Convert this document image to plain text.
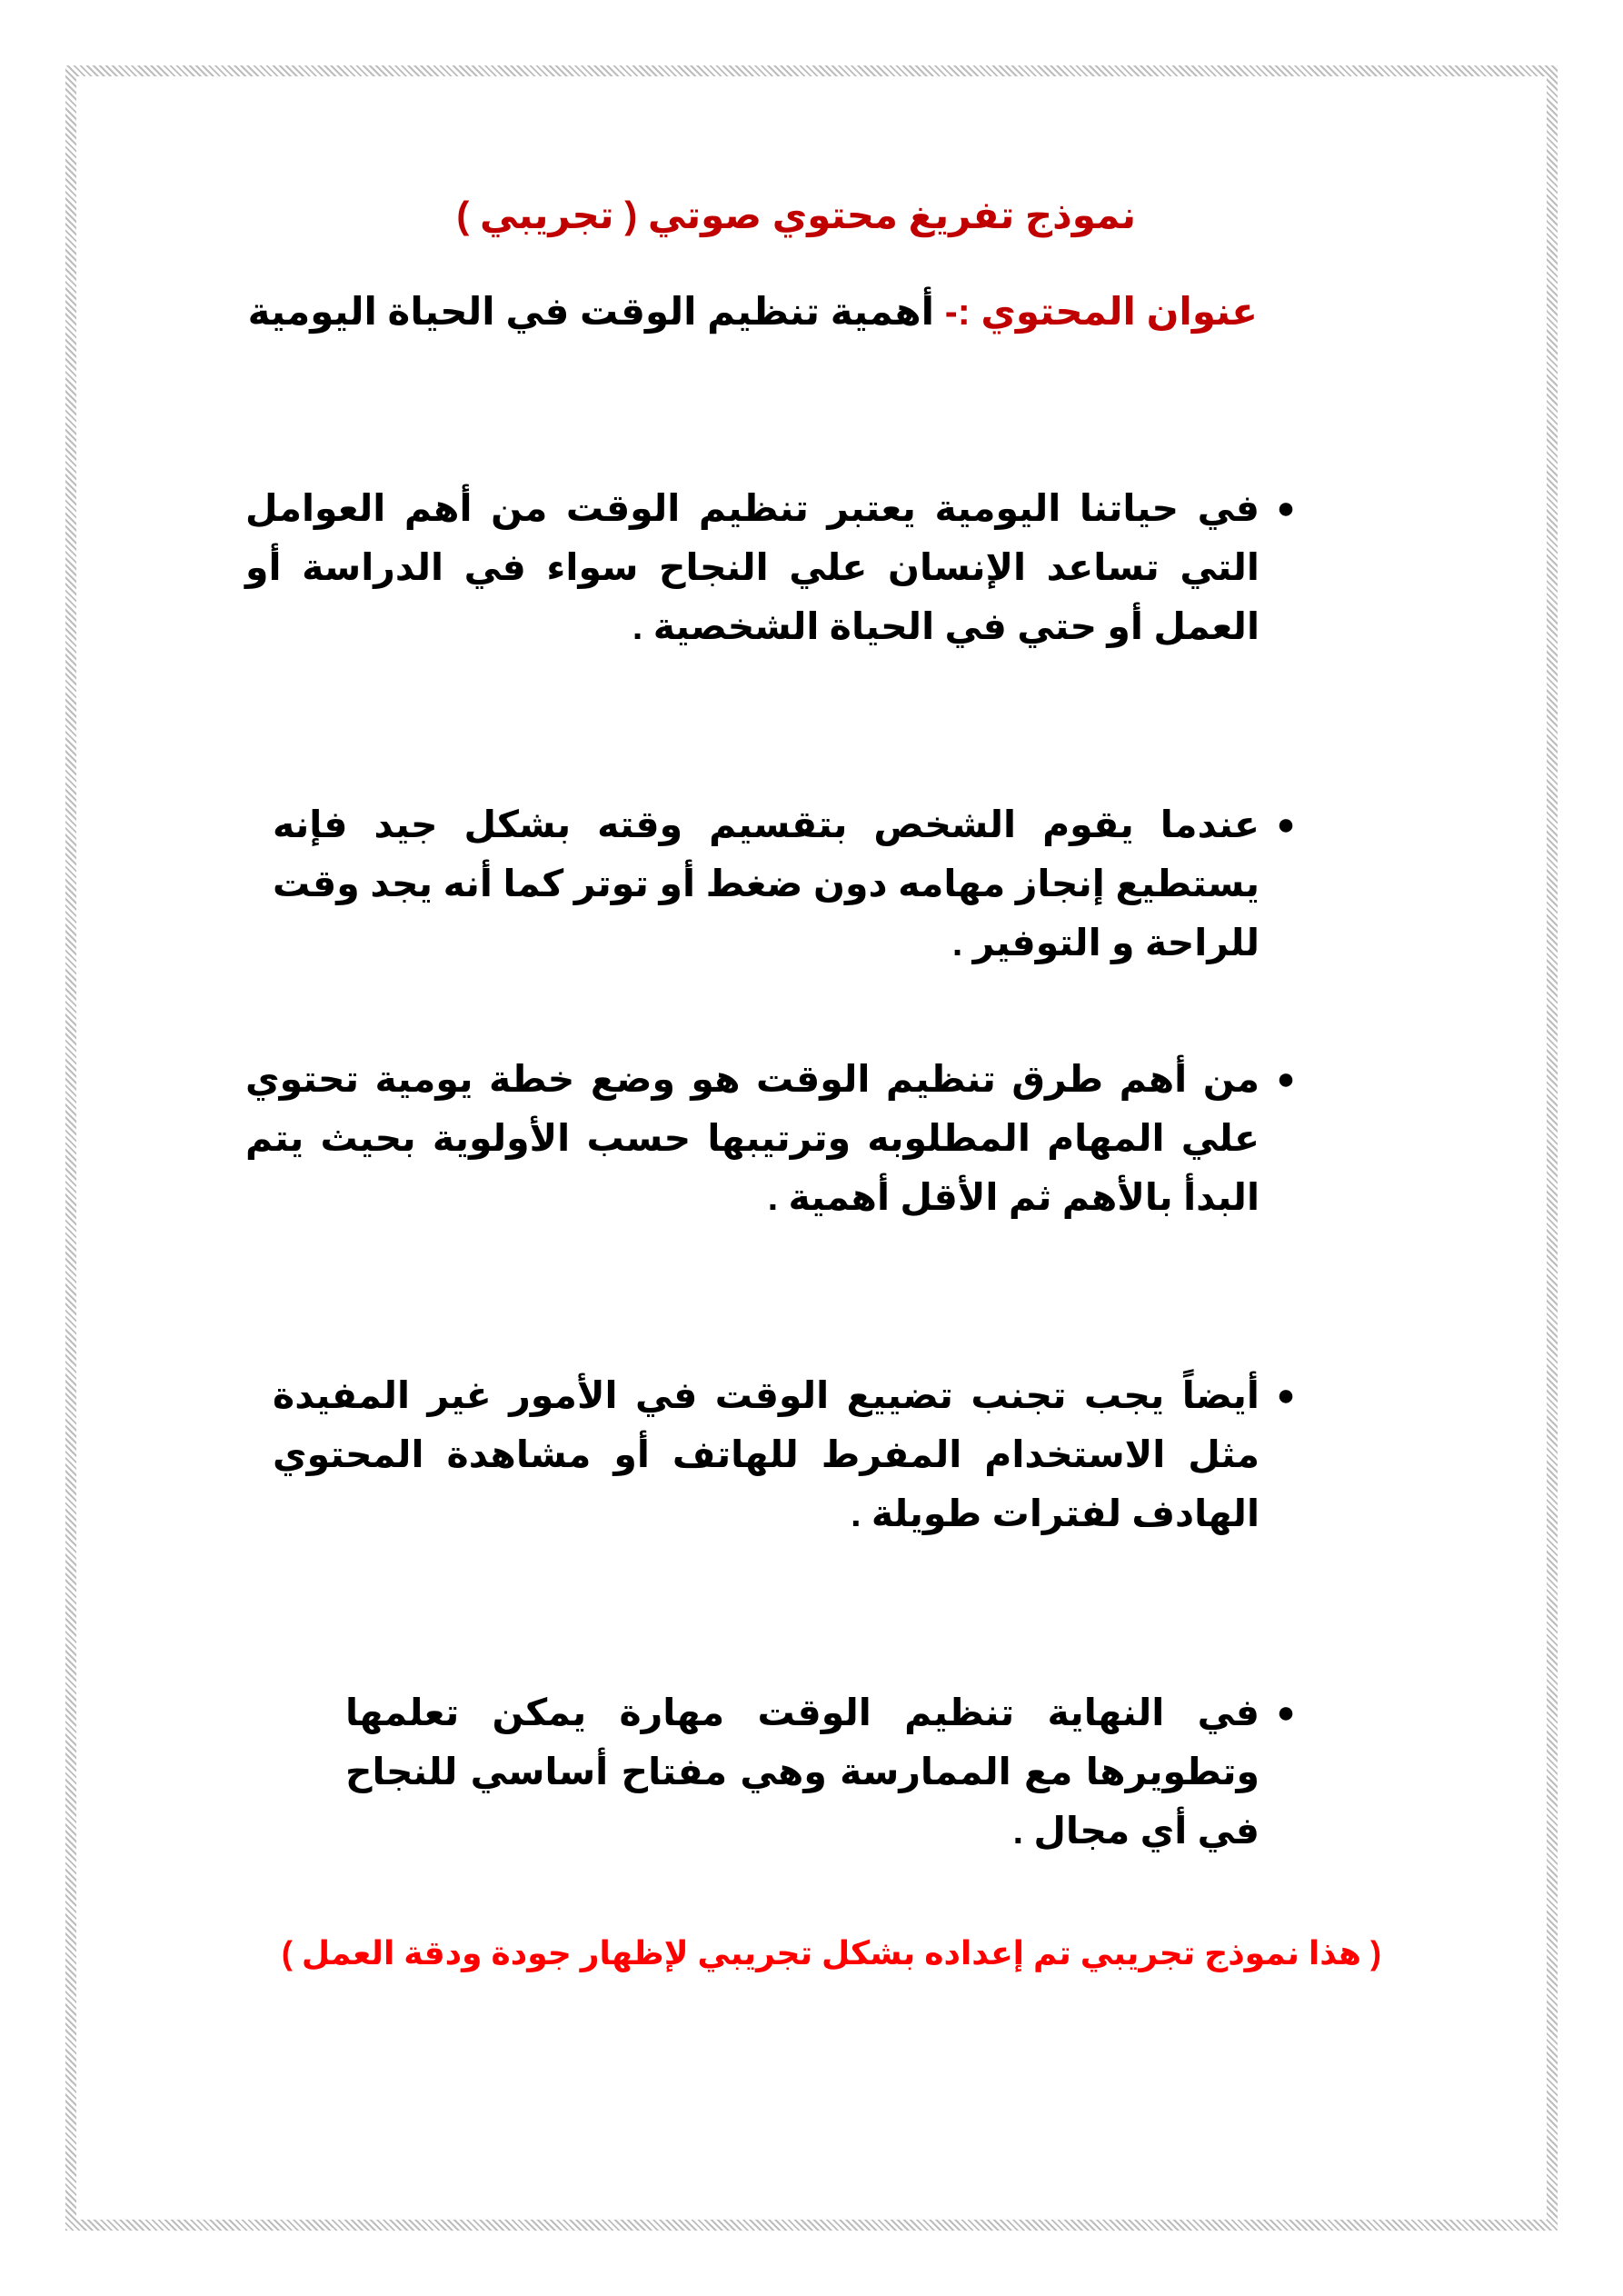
نموذج تفريغ محتوي صوتي ( تجريبي )
عنوان المحتوي :- أهمية تنظيم الوقت في الحياة اليومية
●
في حياتنا اليومية يعتبر تنظيم الوقت من أهم العوامل التي تساعد الإنسان علي النجاح سواء في الدراسة أو العمل أو حتي في الحياة الشخصية .
●
عندما يقوم الشخص بتقسيم وقته بشكل جيد فإنه يستطيع إنجاز مهامه دون ضغط أو توتر كما أنه يجد وقت للراحة و التوفير .
●
من أهم طرق تنظيم الوقت هو وضع خطة يومية تحتوي علي المهام المطلوبه وترتيبها حسب الأولوية بحيث يتم البدأ بالأهم ثم الأقل أهمية .
●
أيضاً يجب تجنب تضييع الوقت في الأمور غير المفيدة مثل الاستخدام المفرط للهاتف أو مشاهدة المحتوي الهادف لفترات طويلة .
●
في النهاية تنظيم الوقت مهارة يمكن تعلمها وتطويرها مع الممارسة وهي مفتاح أساسي للنجاح في أي مجال .

( هذا نموذج تجريبي تم إعداده بشكل تجريبي لإظهار جودة ودقة العمل )
